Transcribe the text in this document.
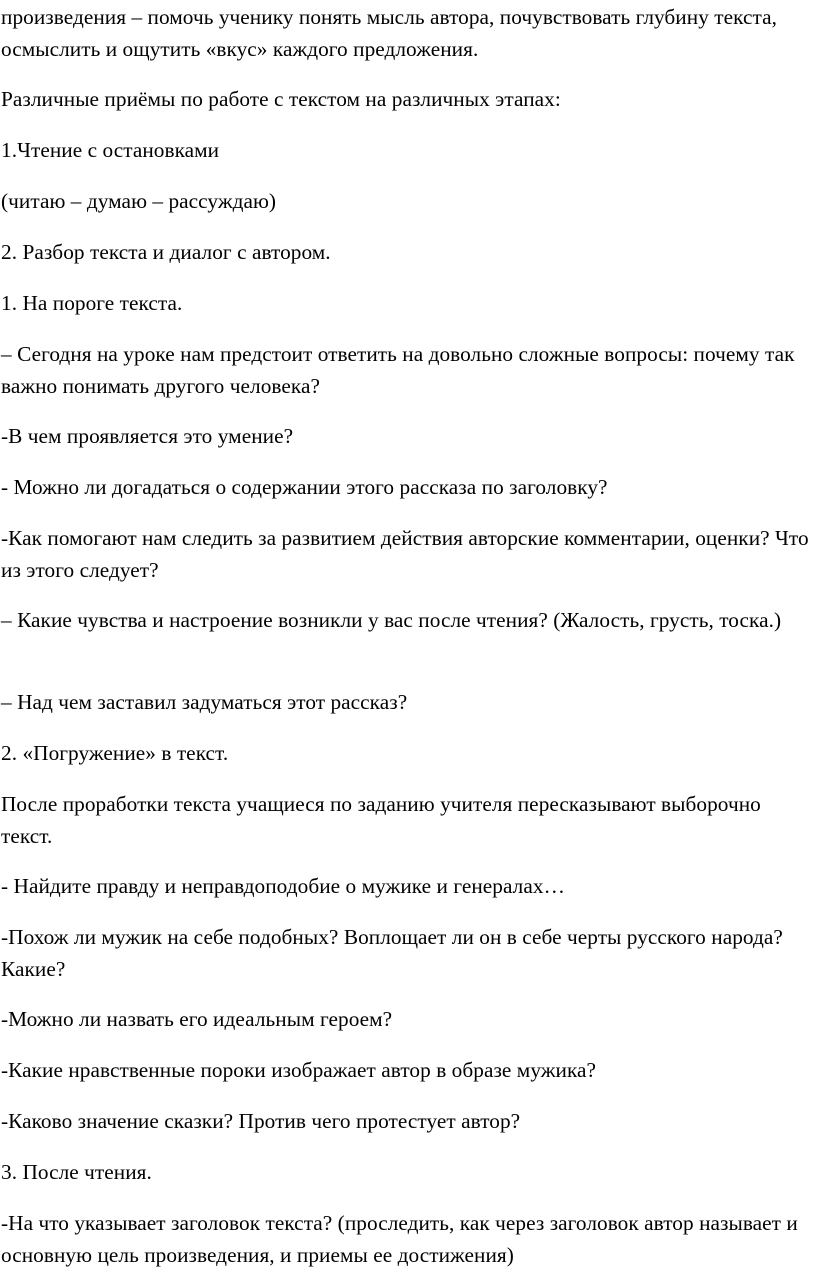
произведения – помочь ученику понять мысль автора, почувствовать глубину текста, осмыслить и ощутить «вкус» каждого предложения.

Различные приёмы по работе с текстом на различных этапах:

1.Чтение с остановками

(читаю – думаю – рассуждаю)

2. Разбор текста и диалог с автором.

1. На пороге текста.

– Сегодня на уроке нам предстоит ответить на довольно сложные вопросы: почему так важно понимать другого человека?

-В чем проявляется это умение?

- Можно ли догадаться о содержании этого рассказа по заголовку?

-Как помогают нам следить за развитием действия авторские комментарии, оценки? Что из этого следует?

– Какие чувства и настроение возникли у вас после чтения? (Жалость, грусть, тоска.)

– Над чем заставил задуматься этот рассказ?

2. «Погружение» в текст.

После проработки текста учащиеся по заданию учителя пересказывают выборочно текст.

- Найдите правду и неправдоподобие о мужике и генералах…

-Похож ли мужик на себе подобных? Воплощает ли он в себе черты русского народа? Какие?

-Можно ли назвать его идеальным героем?

-Какие нравственные пороки изображает автор в образе мужика?

-Каково значение сказки? Против чего протестует автор?

3. После чтения.

-На что указывает заголовок текста? (проследить, как через заголовок автор называет и основную цель произведения, и приемы ее достижения)
